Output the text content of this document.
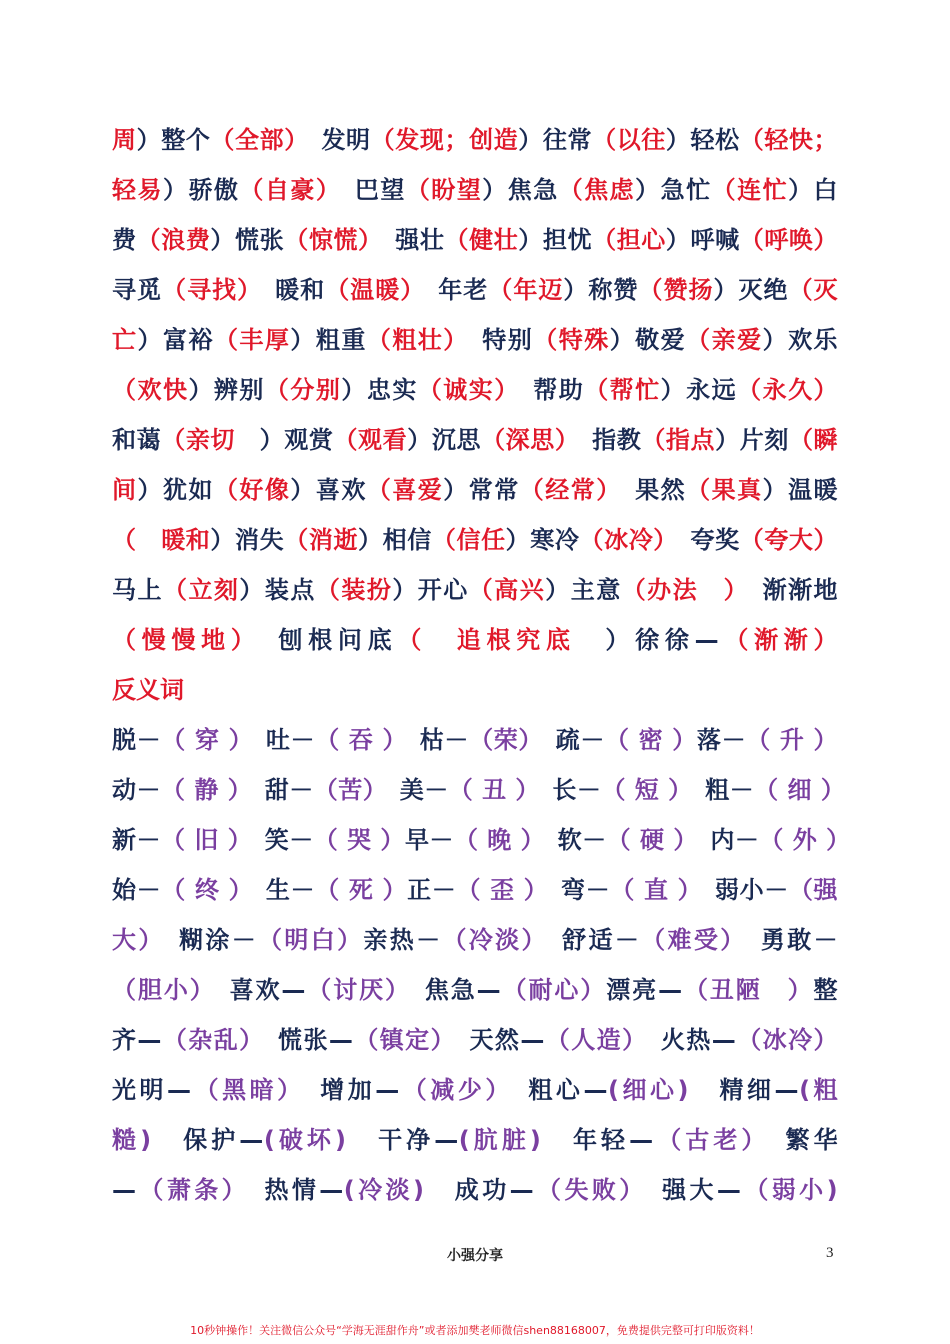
周）整个（全部）　发明（发现；创造）往常（以往）轻松（轻快；
轻易）骄傲（自豪）　巴望（盼望）焦急（焦虑）急忙（连忙）白
费（浪费）慌张（惊慌）　强壮（健壮）担忧（担心）呼喊（呼唤）
寻觅（寻找）　暖和（温暖）　年老（年迈）称赞（赞扬）灭绝（灭
亡）富裕（丰厚）粗重（粗壮）　特别（特殊）敬爱（亲爱）欢乐
（欢快）辨别（分别）忠实（诚实）　帮助（帮忙）永远（永久）
和蔼（亲切　）观赏（观看）沉思（深思）　指教（指点）片刻（瞬
间）犹如（好像）喜欢（喜爱）常常（经常）　果然（果真）温暖
（　暖和）消失（消逝）相信（信任）寒冷（冰冷）　夸奖（夸大）
马上（立刻）装点（装扮）开心（高兴）主意（办法　）　渐渐地
（慢慢地）　刨根问底（　追根究底　）徐徐—（渐渐）
反义词
脱－（ 穿 ）　吐－（ 吞 ）　枯－（荣）　疏－（ 密 ）落－（ 升 ）
动－（ 静 ）　甜－（苦）　美－（ 丑 ）　长－（ 短 ）　粗－（ 细 ）
新－（ 旧 ）　笑－（ 哭 ）早－（ 晚 ）　软－（ 硬 ）　内－（ 外 ）
始－（ 终 ）　生－（ 死 ）正－（ 歪 ）　弯－（ 直 ）　弱小－（强
大）　糊涂－（明白）亲热－（冷淡）　舒适－（难受）　勇敢－
（胆小）　喜欢—（讨厌）　焦急—（耐心）漂亮—（丑陋　）整
齐—（杂乱）　慌张—（镇定）　天然—（人造）　火热—（冰冷）
光明—（黑暗）　增加—（减少）　粗心—(细心)　精细—(粗
糙)　保护—(破坏)　干净—(肮脏)　年轻—（古老）　繁华
—（萧条）　热情—(冷淡)　成功—（失败）　强大—（弱小)
小强分享	3
10秒钟操作！关注微信公众号“学海无涯甜作舟”或者添加樊老师微信shen88168007，免费提供完整可打印版资料！
